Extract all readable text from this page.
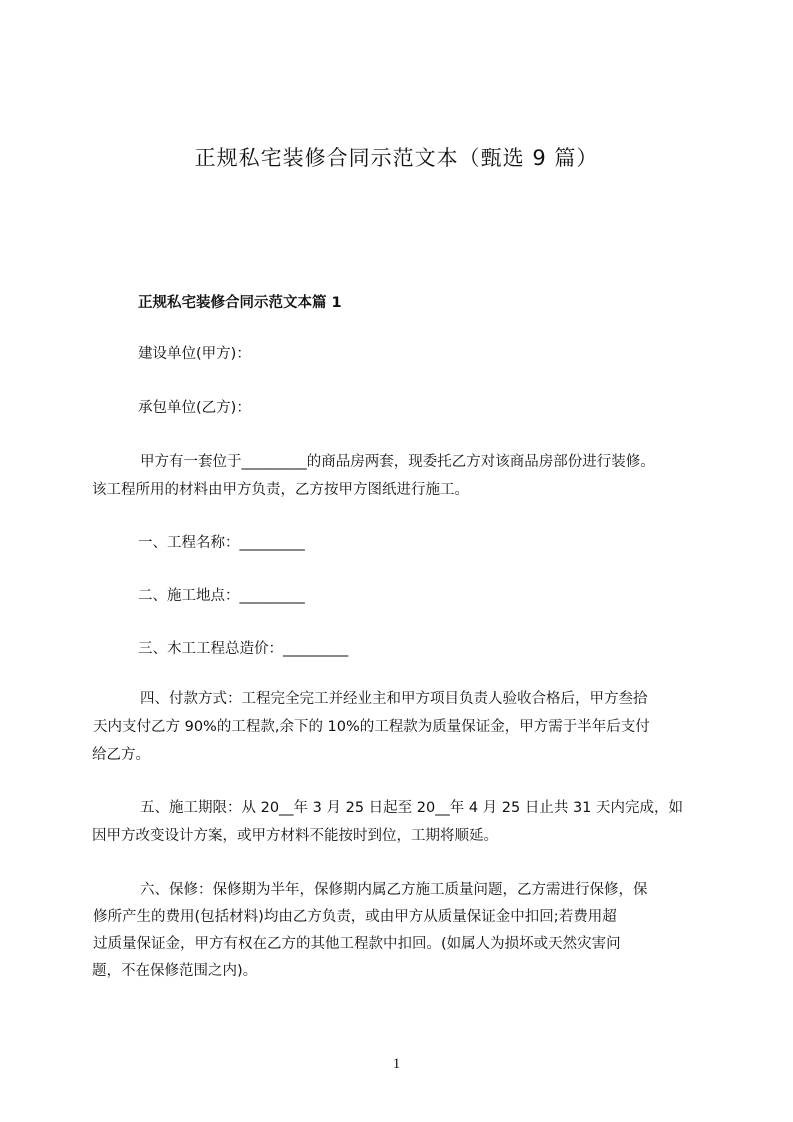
正规私宅装修合同示范文本（甄选 9 篇）
正规私宅装修合同示范文本篇 1
建设单位(甲方)：
承包单位(乙方)：
甲方有一套位于_________的商品房两套，现委托乙方对该商品房部份进行装修。
该工程所用的材料由甲方负责，乙方按甲方图纸进行施工。
一、工程名称：_________
二、施工地点：_________
三、木工工程总造价：_________
四、付款方式：工程完全完工并经业主和甲方项目负责人验收合格后，甲方叁拾
天内支付乙方 90%的工程款,余下的 10%的工程款为质量保证金，甲方需于半年后支付
给乙方。
五、施工期限：从 20__年 3 月 25 日起至 20__年 4 月 25 日止共 31 天内完成，如
因甲方改变设计方案，或甲方材料不能按时到位，工期将顺延。
六、保修：保修期为半年，保修期内属乙方施工质量问题，乙方需进行保修，保
修所产生的费用(包括材料)均由乙方负责，或由甲方从质量保证金中扣回;若费用超
过质量保证金，甲方有权在乙方的其他工程款中扣回。(如属人为损坏或天然灾害问
题，不在保修范围之内)。
1
